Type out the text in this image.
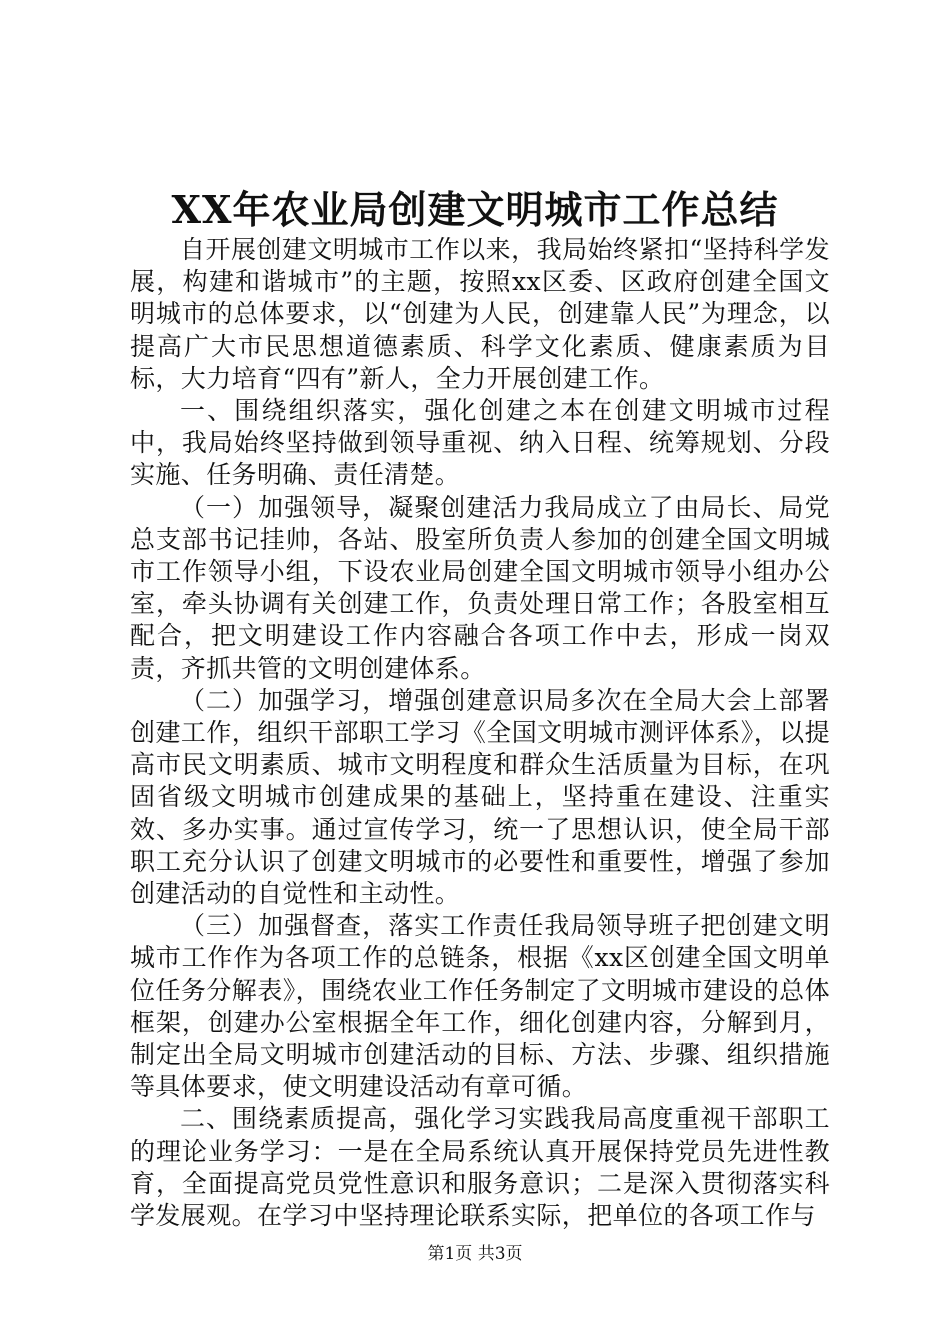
XX年农业局创建文明城市工作总结

自开展创建文明城市工作以来，我局始终紧扣“坚持科学发展，构建和谐城市”的主题，按照xx区委、区政府创建全国文明城市的总体要求，以“创建为人民，创建靠人民”为理念，以提高广大市民思想道德素质、科学文化素质、健康素质为目标，大力培育“四有”新人，全力开展创建工作。

一、围绕组织落实，强化创建之本在创建文明城市过程中，我局始终坚持做到领导重视、纳入日程、统筹规划、分段实施、任务明确、责任清楚。

（一）加强领导，凝聚创建活力我局成立了由局长、局党总支部书记挂帅，各站、股室所负责人参加的创建全国文明城市工作领导小组，下设农业局创建全国文明城市领导小组办公室，牵头协调有关创建工作，负责处理日常工作；各股室相互配合，把文明建设工作内容融合各项工作中去，形成一岗双责，齐抓共管的文明创建体系。

（二）加强学习，增强创建意识局多次在全局大会上部署创建工作，组织干部职工学习《全国文明城市测评体系》，以提高市民文明素质、城市文明程度和群众生活质量为目标，在巩固省级文明城市创建成果的基础上，坚持重在建设、注重实效、多办实事。通过宣传学习，统一了思想认识，使全局干部职工充分认识了创建文明城市的必要性和重要性，增强了参加创建活动的自觉性和主动性。

（三）加强督查，落实工作责任我局领导班子把创建文明城市工作作为各项工作的总链条，根据《xx区创建全国文明单位任务分解表》，围绕农业工作任务制定了文明城市建设的总体框架，创建办公室根据全年工作，细化创建内容，分解到月，制定出全局文明城市创建活动的目标、方法、步骤、组织措施等具体要求，使文明建设活动有章可循。

二、围绕素质提高，强化学习实践我局高度重视干部职工的理论业务学习：一是在全局系统认真开展保持党员先进性教育，全面提高党员党性意识和服务意识；二是深入贯彻落实科学发展观。在学习中坚持理论联系实际，把单位的各项工作与

第1页 共3页
